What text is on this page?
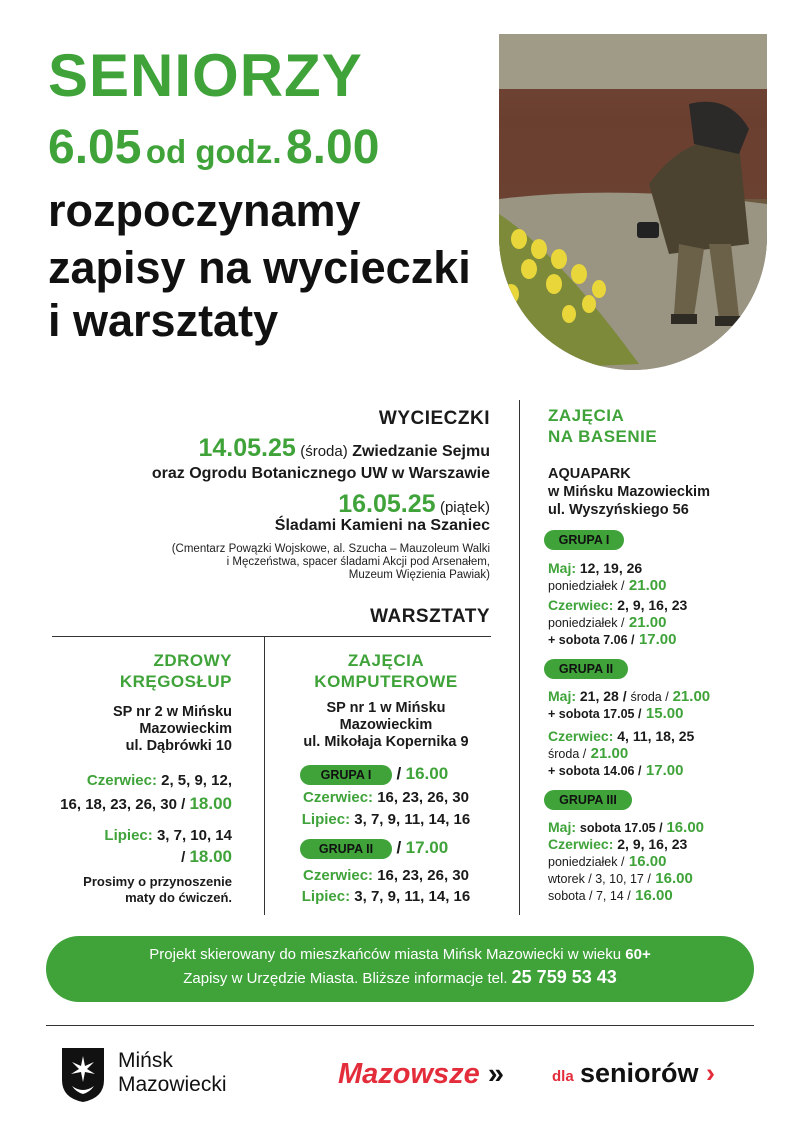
SENIORZY
6.05 od godz. 8.00
rozpoczynamy
zapisy na wycieczki
i warsztaty
WYCIECZKI
14.05.25 (środa) Zwiedzanie Sejmu
oraz Ogrodu Botanicznego UW w Warszawie
16.05.25 (piątek)
Śladami Kamieni na Szaniec
(Cmentarz Powązki Wojskowe, al. Szucha – Mauzoleum Walki
i Męczeństwa, spacer śladami Akcji pod Arsenałem,
Muzeum Więzienia Pawiak)
WARSZTATY
ZDROWY
KRĘGOSŁUP
SP nr 2 w Mińsku
Mazowieckim
ul. Dąbrówki 10
Czerwiec: 2, 5, 9, 12,
16, 18, 23, 26, 30 / 18.00
Lipiec: 3, 7, 10, 14
/ 18.00
Prosimy o przynoszenie
maty do ćwiczeń.
ZAJĘCIA
KOMPUTEROWE
SP nr 1 w Mińsku
Mazowieckim
ul. Mikołaja Kopernika 9
GRUPA I / 16.00
Czerwiec: 16, 23, 26, 30
Lipiec: 3, 7, 9, 11, 14, 16
GRUPA II / 17.00
Czerwiec: 16, 23, 26, 30
Lipiec: 3, 7, 9, 11, 14, 16
ZAJĘCIA
NA BASENIE
AQUAPARK
w Mińsku Mazowieckim
ul. Wyszyńskiego 56
GRUPA I
Maj: 12, 19, 26
poniedziałek / 21.00
Czerwiec: 2, 9, 16, 23
poniedziałek / 21.00
+ sobota 7.06 / 17.00
GRUPA II
Maj: 21, 28 / środa / 21.00
+ sobota 17.05 / 15.00
Czerwiec: 4, 11, 18, 25
środa / 21.00
+ sobota 14.06 / 17.00
GRUPA III
Maj: sobota 17.05 / 16.00
Czerwiec: 2, 9, 16, 23
poniedziałek / 16.00
wtorek / 3, 10, 17 / 16.00
sobota / 7, 14 / 16.00
Projekt skierowany do mieszkańców miasta Mińsk Mazowiecki w wieku 60+
Zapisy w Urzędzie Miasta. Bliższe informacje tel. 25 759 53 43
Mińsk
Mazowiecki	Mazowsze »	dla seniorów ›
